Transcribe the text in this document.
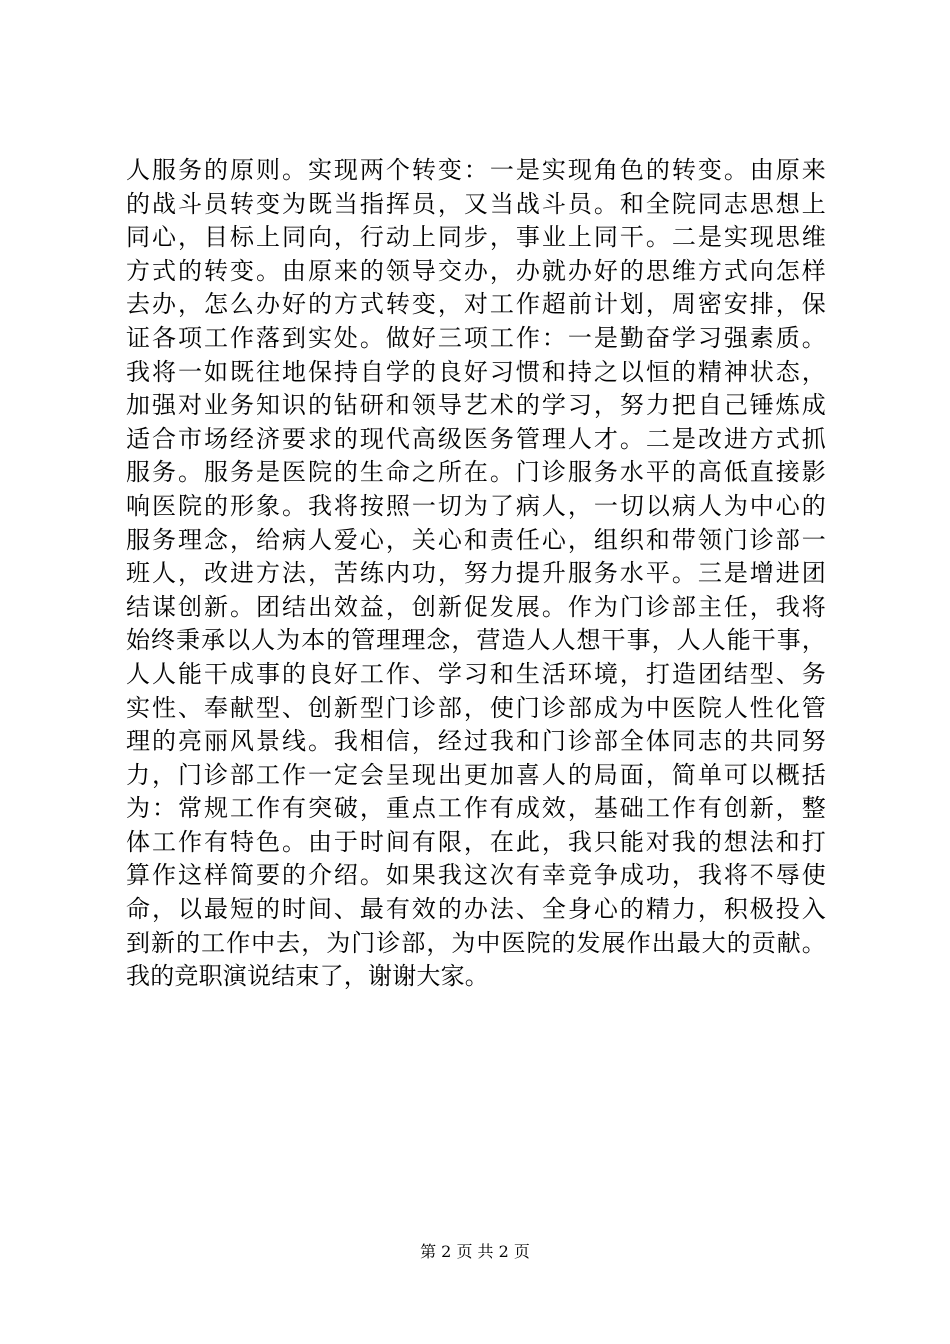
人服务的原则。实现两个转变：一是实现角色的转变。由原来
的战斗员转变为既当指挥员，又当战斗员。和全院同志思想上
同心，目标上同向，行动上同步，事业上同干。二是实现思维
方式的转变。由原来的领导交办，办就办好的思维方式向怎样
去办，怎么办好的方式转变，对工作超前计划，周密安排，保
证各项工作落到实处。做好三项工作：一是勤奋学习强素质。
我将一如既往地保持自学的良好习惯和持之以恒的精神状态，
加强对业务知识的钻研和领导艺术的学习，努力把自己锤炼成
适合市场经济要求的现代高级医务管理人才。二是改进方式抓
服务。服务是医院的生命之所在。门诊服务水平的高低直接影
响医院的形象。我将按照一切为了病人，一切以病人为中心的
服务理念，给病人爱心，关心和责任心，组织和带领门诊部一
班人，改进方法，苦练内功，努力提升服务水平。三是增进团
结谋创新。团结出效益，创新促发展。作为门诊部主任，我将
始终秉承以人为本的管理理念，营造人人想干事，人人能干事，
人人能干成事的良好工作、学习和生活环境，打造团结型、务
实性、奉献型、创新型门诊部，使门诊部成为中医院人性化管
理的亮丽风景线。我相信，经过我和门诊部全体同志的共同努
力，门诊部工作一定会呈现出更加喜人的局面，简单可以概括
为：常规工作有突破，重点工作有成效，基础工作有创新，整
体工作有特色。由于时间有限，在此，我只能对我的想法和打
算作这样简要的介绍。如果我这次有幸竞争成功，我将不辱使
命，以最短的时间、最有效的办法、全身心的精力，积极投入
到新的工作中去，为门诊部，为中医院的发展作出最大的贡献。
我的竞职演说结束了，谢谢大家。
第 2 页 共 2 页
